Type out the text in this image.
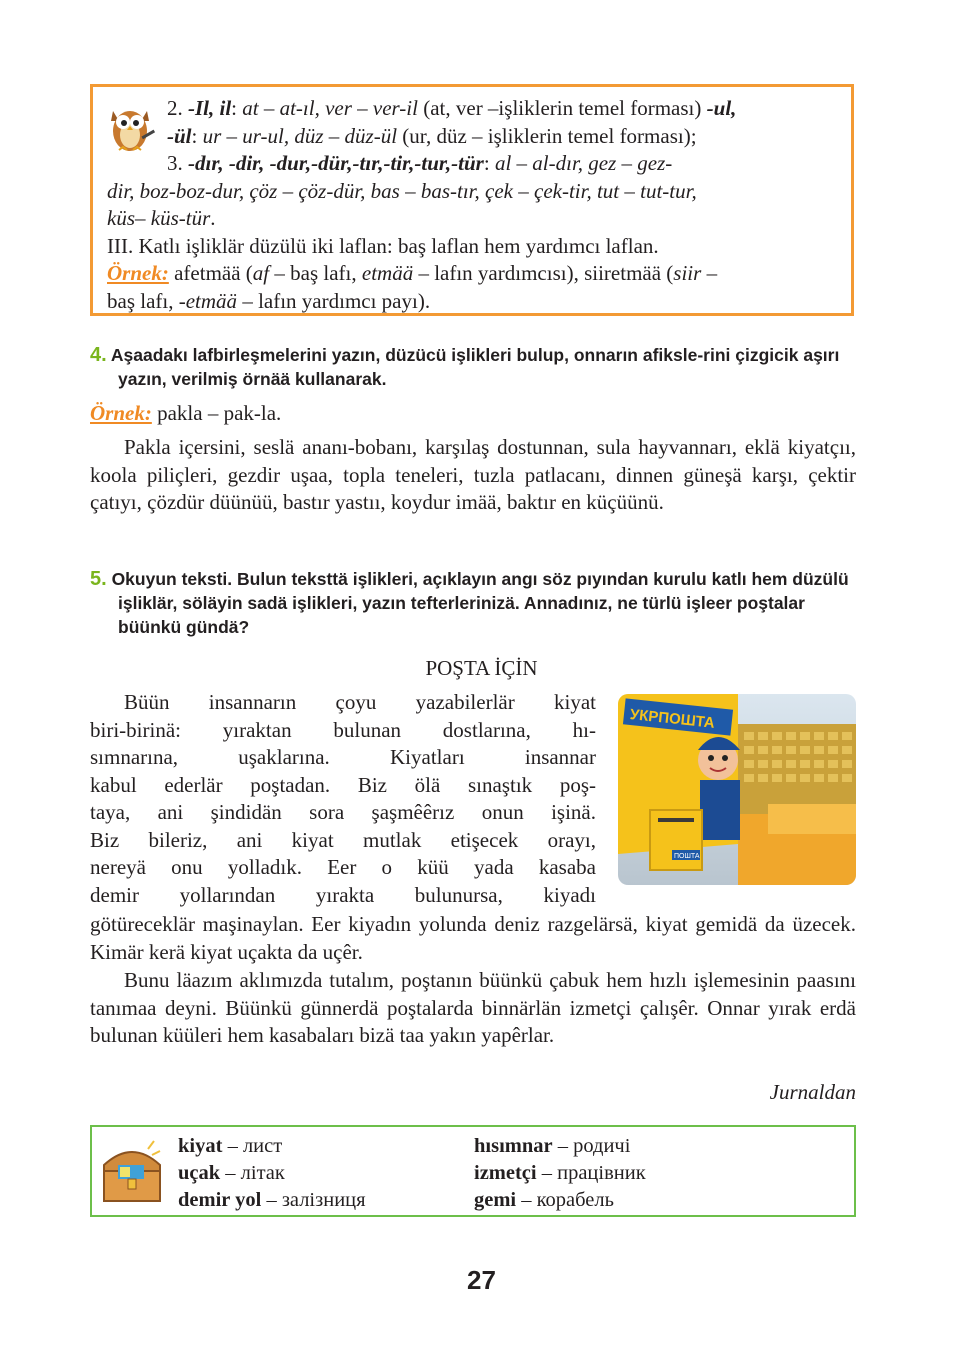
2. -Il, il: at – at-ıl, ver – ver-il (at, ver –işliklerin temel forması) -ul,

-ül: ur – ur-ul, düz – düz-ül (ur, düz – işliklerin temel forması);

3. -dır, -dir, -dur,-dür,-tır,-tir,-tur,-tür: al – al-dır, gez – gez-

dir, boz-boz-dur, çöz – çöz-dür, bas – bas-tır, çek – çek-tir, tut – tut-tur,

küs– küs-tür.

III. Katlı işliklär düzülü iki laflan: baş laflan hem yardımcı laflan.

Örnek: afetmää (af – baş lafı, etmää – lafın yardımcısı), siiretmää (siir –

baş lafı, -etmää – lafın yardımcı payı).

4. Aşaadakı lafbirleşmelerini yazın, düzücü işlikleri bulup, onnarın afiksle-rini çizgicik aşırı yazın, verilmiş örnää kullanarak.

Örnek: pakla – pak-la.

Pakla içersini, seslä ananı-bobanı, karşılaş dostunnan, sula hayvannarı, eklä kiyatçıı, koola piliçleri, gezdir uşaa, topla teneleri, tuzla patlacanı, dinnen güneşä karşı, çektir çatıyı, çözdür düünüü, bastır yastıı, koydur imää, baktır en küçüünü.

5. Okuyun teksti. Bulun teksttä işlikleri, açıklayın angı söz pıyından kurulu katlı hem düzülü işliklär, söläyin sadä işlikleri, yazın tefterlerinizä. Annadınız, ne türlü işleer poştalar büünkü gündä?
POŞTA İÇİN
Büün insannarın çoyu yazabilerlär kiyat
biri-birinä: yıraktan bulunan dostlarına, hı-
sımnarına, uşaklarına. Kiyatları insannar
kabul ederlär poştadan. Biz ölä sınaştık poş-
taya, ani şindidän sora şaşmêêrız onun işinä.
Biz bileriz, ani kiyat mutlak etişecek orayı,
nereyä onu yolladık. Eer o küü yada kasaba
demir yollarından yırakta bulunursa, kiyadı

götüreceklär maşinaylan. Eer kiyadın yolunda deniz razgelärsä, kiyat gemidä da üzecek. Kimär kerä kiyat uçakta da uçêr.

Bunu läazım aklımızda tutalım, poştanın büünkü çabuk hem hızlı işlemesinin paasını tanımaa deyni. Büünkü günnerdä poştalarda binnärlän izmetçi çalışêr. Onnar yırak erdä bulunan küüleri hem kasabaları bizä taa yakın yapêrlar.

Jurnaldan
УКРПОШТА
ПОШТА
kiyat – лист
uçak – літак
demir yol – залізниця
hısımnar – родичі
izmetçi – працівник
gemi – корабель
27
